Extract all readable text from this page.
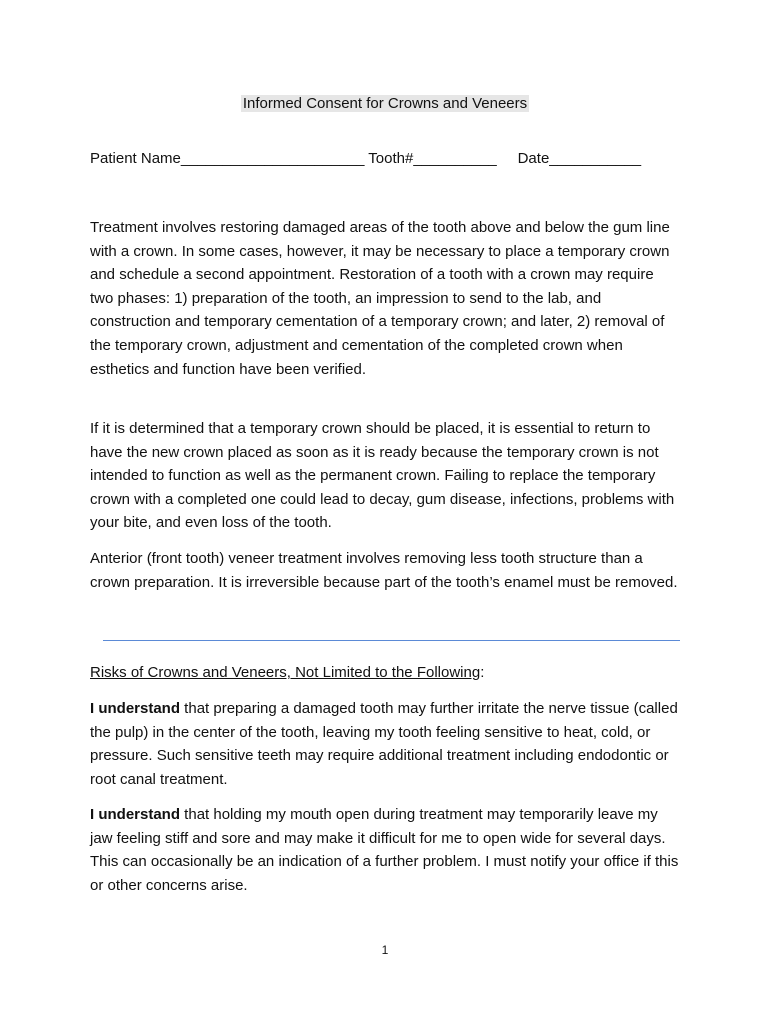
Informed Consent for Crowns and Veneers
Patient Name______________________ Tooth#__________     Date___________

Treatment involves restoring damaged areas of the tooth above and below the gum line with a crown. In some cases, however, it may be necessary to place a temporary crown and schedule a second appointment. Restoration of a tooth with a crown may require two phases: 1) preparation of the tooth, an impression to send to the lab, and construction and temporary cementation of a temporary crown; and later, 2) removal of the temporary crown, adjustment and cementation of the completed crown when esthetics and function have been verified.

If it is determined that a temporary crown should be placed, it is essential to return to have the new crown placed as soon as it is ready because the temporary crown is not intended to function as well as the permanent crown. Failing to replace the temporary crown with a completed one could lead to decay, gum disease, infections, problems with your bite, and even loss of the tooth.

Anterior (front tooth) veneer treatment involves removing less tooth structure than a crown preparation. It is irreversible because part of the tooth’s enamel must be removed.

Risks of Crowns and Veneers, Not Limited to the Following:

I understand that preparing a damaged tooth may further irritate the nerve tissue (called the pulp) in the center of the tooth, leaving my tooth feeling sensitive to heat, cold, or pressure. Such sensitive teeth may require additional treatment including endodontic or root canal treatment.

I understand that holding my mouth open during treatment may temporarily leave my jaw feeling stiff and sore and may make it difficult for me to open wide for several days. This can occasionally be an indication of a further problem. I must notify your office if this or other concerns arise.

1
